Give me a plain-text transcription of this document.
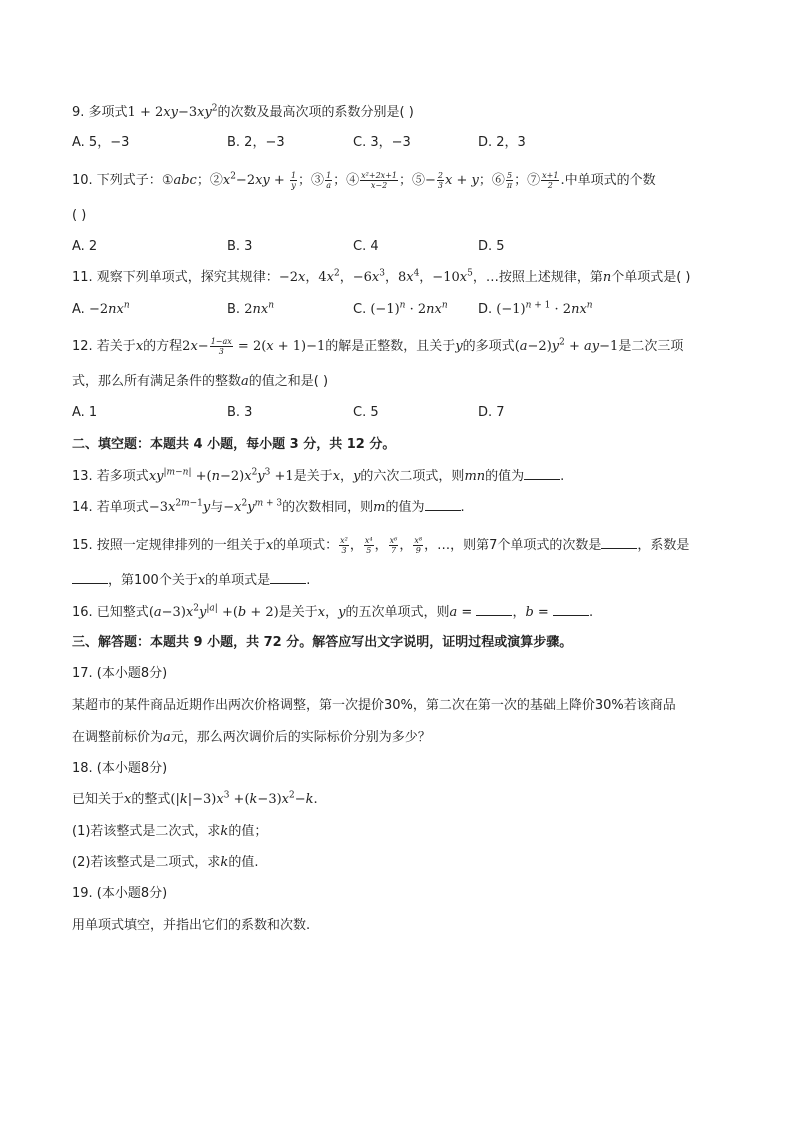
9. 多项式$1 + 2xy-3xy^2$的次数及最高次项的系数分别是( )
A. 5，−3	B. 2，−3	C. 3，−3	D. 2，3
10. 下列式子：①abc；$②x^2-2xy + \frac{1}{y}$ ；③ $\frac{1}{a}$ ；④ $\frac{\text{x²+2x+1}}{x-2}$ ；⑤− $\frac{2}{3}$ x + y；⑥ $\frac{5}{\pi}$ ；⑦ $\frac{x+1}{2}$ .中单项式的个数
( )
A. 2	B. 3	C. 4	D. 5
11. 观察下列单项式，探究其规律：−2x，$4x^2$，$-6x^3$，$8x^4$，$-10x^5$，…按照上述规律，第n个单项式是( )
A. $-2nx^n$	B. $2nx^n$	C. $(-1)^n \cdot 2nx^n$ D. $(-1)^{n + 1} \cdot 2nx^n$
12. 若关于x的方程$2x- \frac{1-ax}{3} = 2(x + 1)-1$的解是正整数，且关于y的多项式$(a-2)y^2 + ay-1$是二次三项
式，那么所有满足条件的整数a的值之和是( )
A. 1	B. 3	C. 5	D. 7
二、填空题：本题共 4 小题，每小题 3 分，共 12 分。
13. 若多项式$xy^{|m-n|} +(n-2)x^2y^3 +1$是关于x，y的六次二项式，则mn的值为	.
14. 若单项式$-3x^{2m-1}y$与$-x^2y^{m + 3}$的次数相同，则m的值为	.
15. 按照一定规律排列的一组关于x的单项式： $\frac{\text{x²}}{3}$ ， $\frac{\text{x⁴}}{5}$ ， $\frac{\text{x⁶}}{7}$ ， $\frac{\text{x⁸}}{9}$ ，…，则第7个单项式的次数是	，系数是
，第100个关于x的单项式是	.
16. 已知整式$(a-3)x^2y^{|a|} +(b + 2)$是关于x，y的五次单项式，则a =	，b =	.
三、解答题：本题共 9 小题，共 72 分。解答应写出文字说明，证明过程或演算步骤。
17. (本小题8分)
某超市的某件商品近期作出两次价格调整，第一次提价30%，第二次在第一次的基础上降价30%若该商品
在调整前标价为a元，那么两次调价后的实际标价分别为多少？
18. (本小题8分)
已知关于x的整式$(|k|-3)x^3 +(k-3)x^2-k$.
(1)若该整式是二次式，求k的值；
(2)若该整式是二项式，求k的值.
19. (本小题8分)
用单项式填空，并指出它们的系数和次数.
